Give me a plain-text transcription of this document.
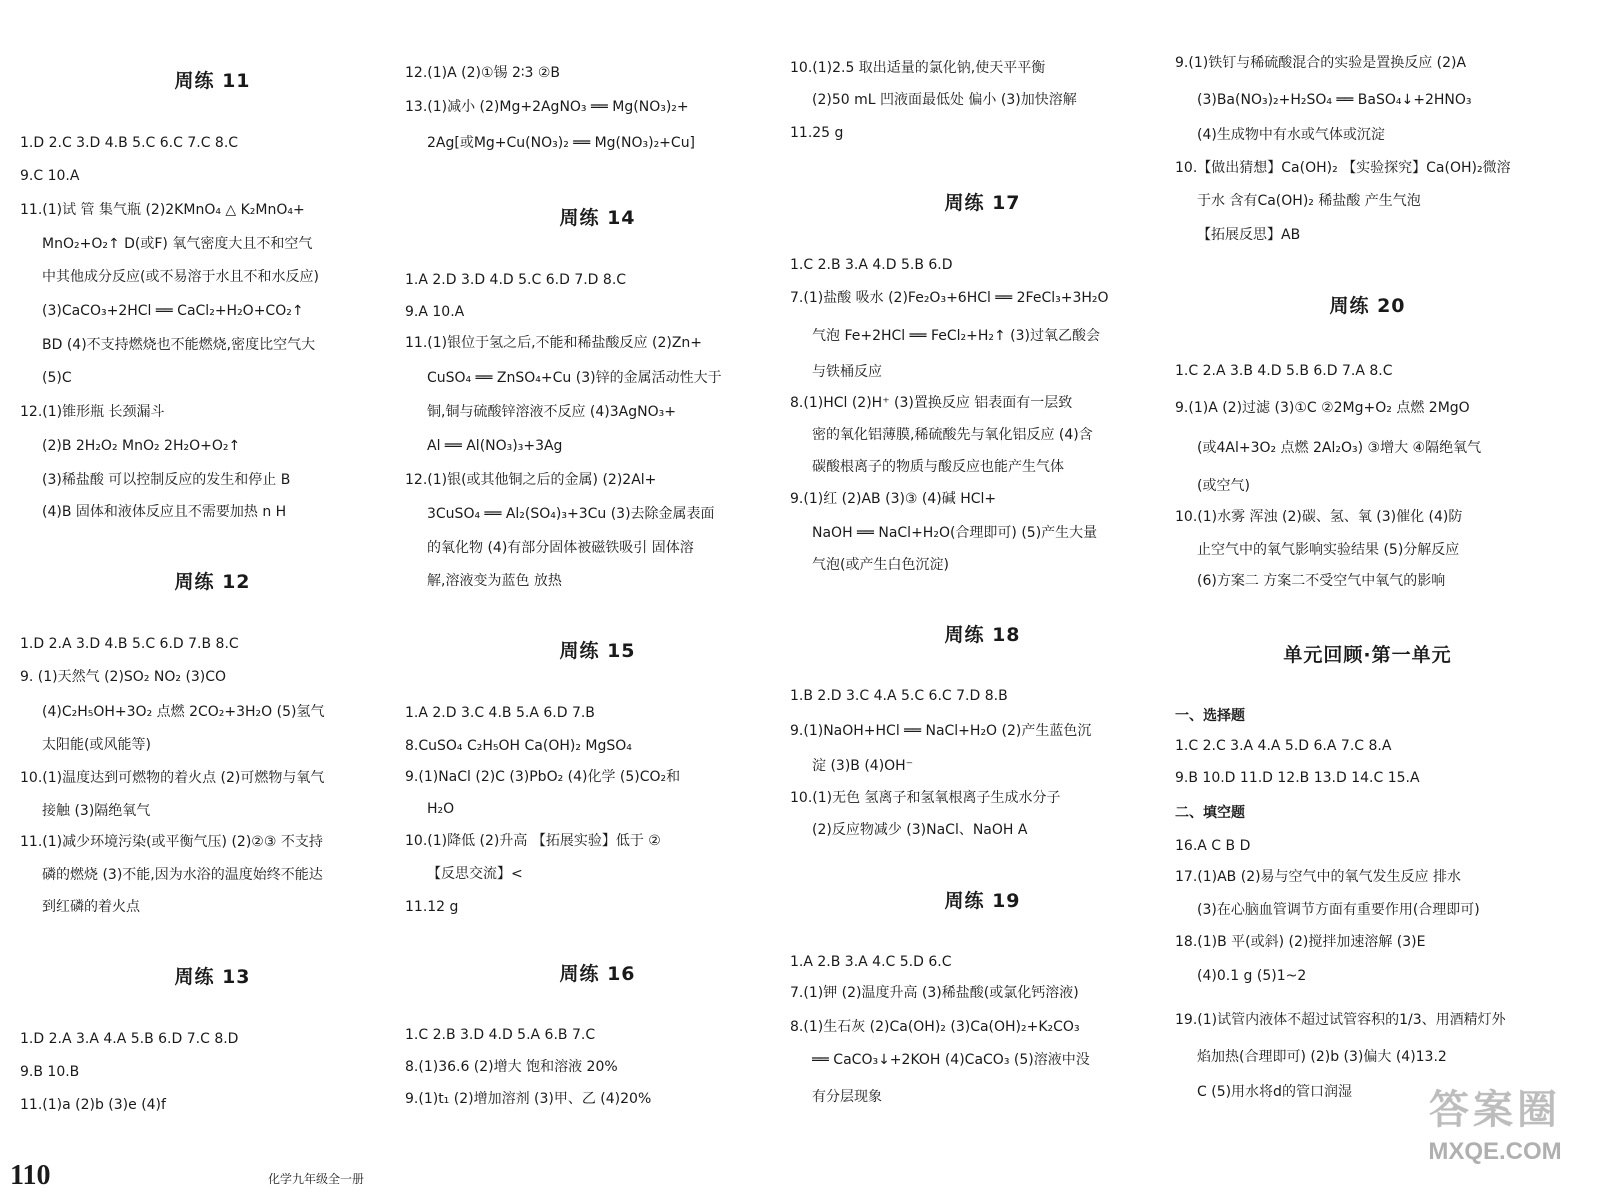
周练 11
1.D 2.C 3.D 4.B 5.C 6.C 7.C 8.C
9.C 10.A
11.(1)试 管 集气瓶 (2)2KMnO₄ △ K₂MnO₄+
MnO₂+O₂↑ D(或F) 氧气密度大且不和空气
中其他成分反应(或不易溶于水且不和水反应)
(3)CaCO₃+2HCl ══ CaCl₂+H₂O+CO₂↑
BD (4)不支持燃烧也不能燃烧,密度比空气大
(5)C
12.(1)锥形瓶 长颈漏斗
(2)B 2H₂O₂ MnO₂ 2H₂O+O₂↑
(3)稀盐酸 可以控制反应的发生和停止 B
(4)B 固体和液体反应且不需要加热 n H
周练 12
1.D 2.A 3.D 4.B 5.C 6.D 7.B 8.C
9. (1)天然气 (2)SO₂ NO₂ (3)CO
(4)C₂H₅OH+3O₂ 点燃 2CO₂+3H₂O (5)氢气
太阳能(或风能等)
10.(1)温度达到可燃物的着火点 (2)可燃物与氧气
接触 (3)隔绝氧气
11.(1)减少环境污染(或平衡气压) (2)②③ 不支持
磷的燃烧 (3)不能,因为水浴的温度始终不能达
到红磷的着火点
周练 13
1.D 2.A 3.A 4.A 5.B 6.D 7.C 8.D
9.B 10.B
11.(1)a (2)b (3)e (4)f
12.(1)A (2)①锡 2∶3 ②B
13.(1)减小 (2)Mg+2AgNO₃ ══ Mg(NO₃)₂+
2Ag[或Mg+Cu(NO₃)₂ ══ Mg(NO₃)₂+Cu]
周练 14
1.A 2.D 3.D 4.D 5.C 6.D 7.D 8.C
9.A 10.A
11.(1)银位于氢之后,不能和稀盐酸反应 (2)Zn+
CuSO₄ ══ ZnSO₄+Cu (3)锌的金属活动性大于
铜,铜与硫酸锌溶液不反应 (4)3AgNO₃+
Al ══ Al(NO₃)₃+3Ag
12.(1)银(或其他铜之后的金属) (2)2Al+
3CuSO₄ ══ Al₂(SO₄)₃+3Cu (3)去除金属表面
的氧化物 (4)有部分固体被磁铁吸引 固体溶
解,溶液变为蓝色 放热
周练 15
1.A 2.D 3.C 4.B 5.A 6.D 7.B
8.CuSO₄ C₂H₅OH Ca(OH)₂ MgSO₄
9.(1)NaCl (2)C (3)PbO₂ (4)化学 (5)CO₂和
H₂O
10.(1)降低 (2)升高 【拓展实验】低于 ②
【反思交流】<
11.12 g
周练 16
1.C 2.B 3.D 4.D 5.A 6.B 7.C
8.(1)36.6 (2)增大 饱和溶液 20%
9.(1)t₁ (2)增加溶剂 (3)甲、乙 (4)20%
10.(1)2.5 取出适量的氯化钠,使天平平衡
(2)50 mL 凹液面最低处 偏小 (3)加快溶解
11.25 g
周练 17
1.C 2.B 3.A 4.D 5.B 6.D
7.(1)盐酸 吸水 (2)Fe₂O₃+6HCl ══ 2FeCl₃+3H₂O
气泡 Fe+2HCl ══ FeCl₂+H₂↑ (3)过氧乙酸会
与铁桶反应
8.(1)HCl (2)H⁺ (3)置换反应 铝表面有一层致
密的氧化铝薄膜,稀硫酸先与氧化铝反应 (4)含
碳酸根离子的物质与酸反应也能产生气体
9.(1)红 (2)AB (3)③ (4)碱 HCl+
NaOH ══ NaCl+H₂O(合理即可) (5)产生大量
气泡(或产生白色沉淀)
周练 18
1.B 2.D 3.C 4.A 5.C 6.C 7.D 8.B
9.(1)NaOH+HCl ══ NaCl+H₂O (2)产生蓝色沉
淀 (3)B (4)OH⁻
10.(1)无色 氢离子和氢氧根离子生成水分子
(2)反应物减少 (3)NaCl、NaOH A
周练 19
1.A 2.B 3.A 4.C 5.D 6.C
7.(1)钾 (2)温度升高 (3)稀盐酸(或氯化钙溶液)
8.(1)生石灰 (2)Ca(OH)₂ (3)Ca(OH)₂+K₂CO₃
══ CaCO₃↓+2KOH (4)CaCO₃ (5)溶液中没
有分层现象
9.(1)铁钉与稀硫酸混合的实验是置换反应 (2)A
(3)Ba(NO₃)₂+H₂SO₄ ══ BaSO₄↓+2HNO₃
(4)生成物中有水或气体或沉淀
10.【做出猜想】Ca(OH)₂ 【实验探究】Ca(OH)₂微溶
于水 含有Ca(OH)₂ 稀盐酸 产生气泡
【拓展反思】AB
周练 20
1.C 2.A 3.B 4.D 5.B 6.D 7.A 8.C
9.(1)A (2)过滤 (3)①C ②2Mg+O₂ 点燃 2MgO
(或4Al+3O₂ 点燃 2Al₂O₃) ③增大 ④隔绝氧气
(或空气)
10.(1)水雾 浑浊 (2)碳、氢、氧 (3)催化 (4)防
止空气中的氧气影响实验结果 (5)分解反应
(6)方案二 方案二不受空气中氧气的影响
单元回顾·第一单元
一、选择题
1.C 2.C 3.A 4.A 5.D 6.A 7.C 8.A
9.B 10.D 11.D 12.B 13.D 14.C 15.A
二、填空题
16.A C B D
17.(1)AB (2)易与空气中的氧气发生反应 排水
(3)在心脑血管调节方面有重要作用(合理即可)
18.(1)B 平(或斜) (2)搅拌加速溶解 (3)E
(4)0.1 g (5)1~2
19.(1)试管内液体不超过试管容积的1/3、用酒精灯外
焰加热(合理即可) (2)b (3)偏大 (4)13.2
C (5)用水将d的管口润湿
110	化学九年级全一册
答案圈
MXQE.COM
